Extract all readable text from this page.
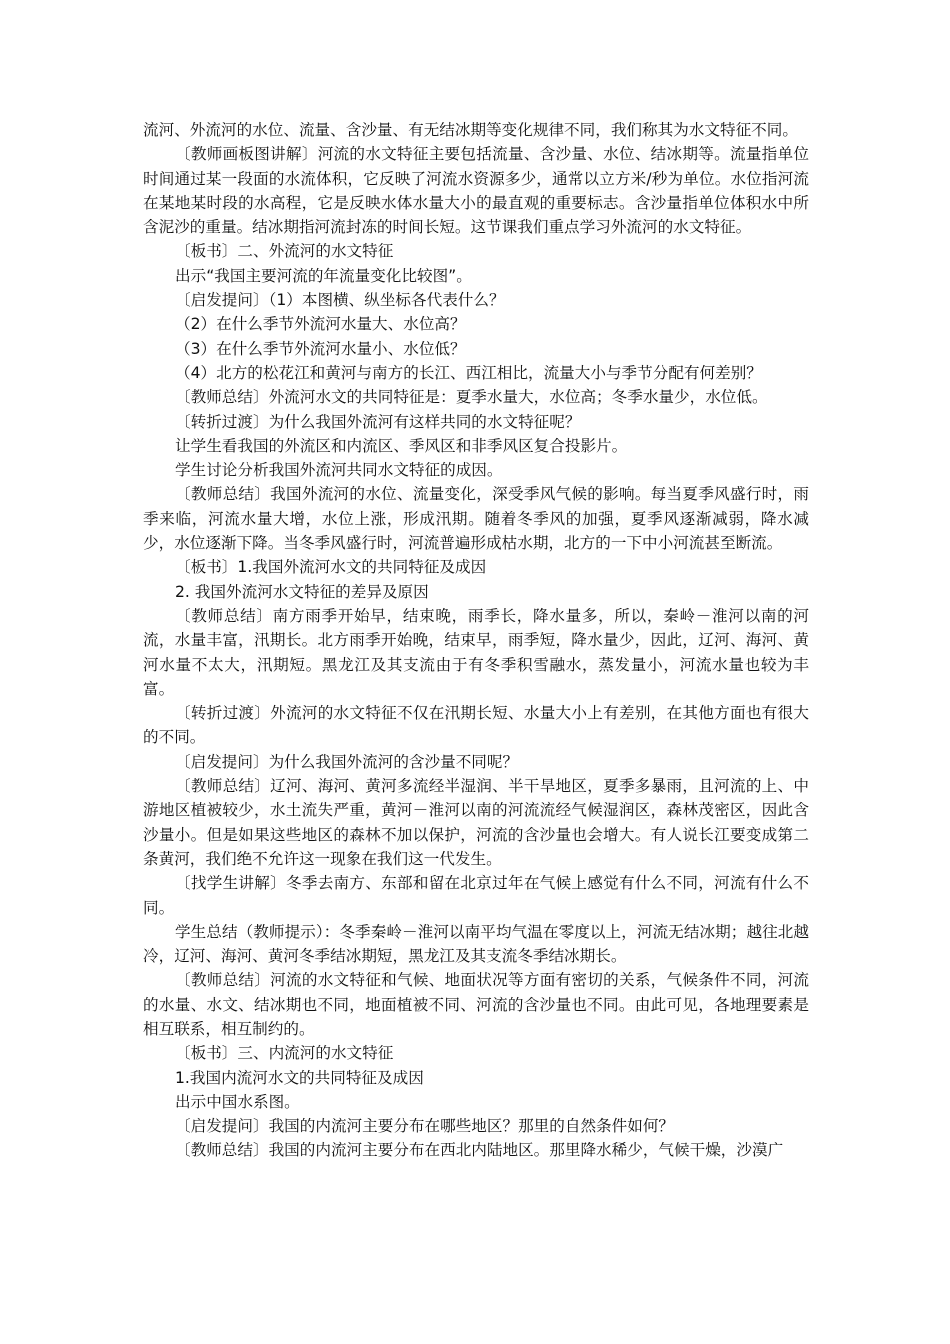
流河、外流河的水位、流量、含沙量、有无结冰期等变化规律不同，我们称其为水文特征不同。

〔教师画板图讲解〕河流的水文特征主要包括流量、含沙量、水位、结冰期等。流量指单位时间通过某一段面的水流体积，它反映了河流水资源多少，通常以立方米/秒为单位。水位指河流在某地某时段的水高程，它是反映水体水量大小的最直观的重要标志。含沙量指单位体积水中所含泥沙的重量。结冰期指河流封冻的时间长短。这节课我们重点学习外流河的水文特征。

〔板书〕二、外流河的水文特征

出示“我国主要河流的年流量变化比较图”。

〔启发提问〕（1）本图横、纵坐标各代表什么？

（2）在什么季节外流河水量大、水位高？

（3）在什么季节外流河水量小、水位低？

（4）北方的松花江和黄河与南方的长江、西江相比，流量大小与季节分配有何差别？

〔教师总结〕外流河水文的共同特征是：夏季水量大，水位高；冬季水量少，水位低。

〔转折过渡〕为什么我国外流河有这样共同的水文特征呢？

让学生看我国的外流区和内流区、季风区和非季风区复合投影片。

学生讨论分析我国外流河共同水文特征的成因。

〔教师总结〕我国外流河的水位、流量变化，深受季风气候的影响。每当夏季风盛行时，雨季来临，河流水量大增，水位上涨，形成汛期。随着冬季风的加强，夏季风逐渐减弱，降水减少，水位逐渐下降。当冬季风盛行时，河流普遍形成枯水期，北方的一下中小河流甚至断流。

〔板书〕1.我国外流河水文的共同特征及成因

2. 我国外流河水文特征的差异及原因

〔教师总结〕南方雨季开始早，结束晚，雨季长，降水量多，所以，秦岭－淮河以南的河流，水量丰富，汛期长。北方雨季开始晚，结束早，雨季短，降水量少，因此，辽河、海河、黄河水量不太大，汛期短。黑龙江及其支流由于有冬季积雪融水，蒸发量小，河流水量也较为丰富。

〔转折过渡〕外流河的水文特征不仅在汛期长短、水量大小上有差别，在其他方面也有很大的不同。

〔启发提问〕为什么我国外流河的含沙量不同呢？

〔教师总结〕辽河、海河、黄河多流经半湿润、半干旱地区，夏季多暴雨，且河流的上、中游地区植被较少，水土流失严重，黄河－淮河以南的河流流经气候湿润区，森林茂密区，因此含沙量小。但是如果这些地区的森林不加以保护，河流的含沙量也会增大。有人说长江要变成第二条黄河，我们绝不允许这一现象在我们这一代发生。

〔找学生讲解〕冬季去南方、东部和留在北京过年在气候上感觉有什么不同，河流有什么不同。

学生总结（教师提示）：冬季秦岭－淮河以南平均气温在零度以上，河流无结冰期；越往北越冷，辽河、海河、黄河冬季结冰期短，黑龙江及其支流冬季结冰期长。

〔教师总结〕河流的水文特征和气候、地面状况等方面有密切的关系，气候条件不同，河流的水量、水文、结冰期也不同，地面植被不同、河流的含沙量也不同。由此可见，各地理要素是相互联系，相互制约的。

〔板书〕三、内流河的水文特征

1.我国内流河水文的共同特征及成因

出示中国水系图。

〔启发提问〕我国的内流河主要分布在哪些地区？那里的自然条件如何？

〔教师总结〕我国的内流河主要分布在西北内陆地区。那里降水稀少，气候干燥，沙漠广
